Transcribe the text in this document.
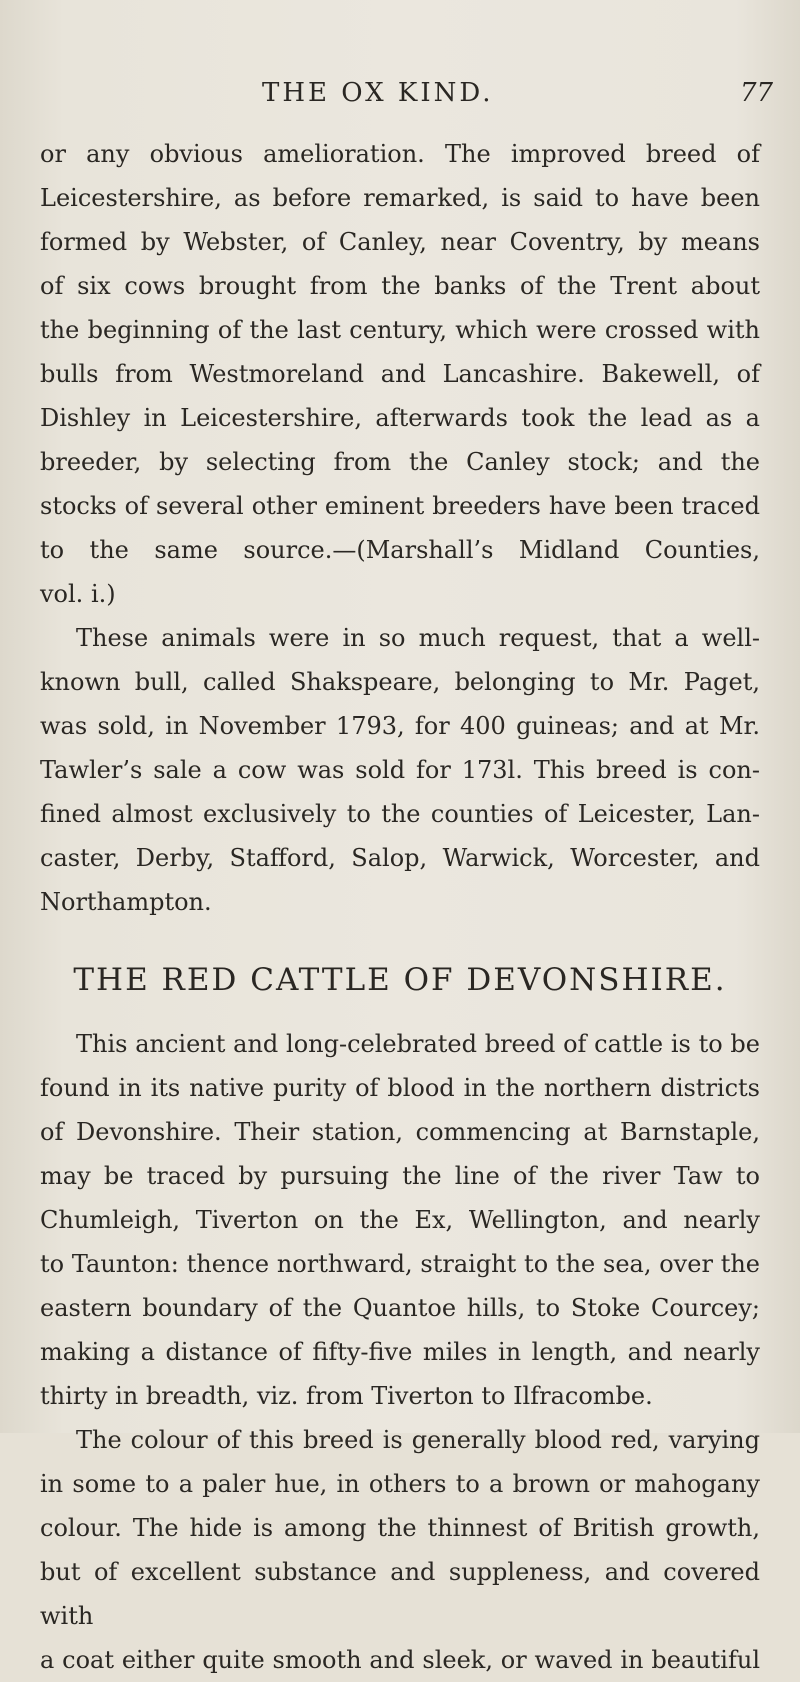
THE OX KIND.	77

or any obvious amelioration. The improved breed of
Leicestershire, as before remarked, is said to have been
formed by Webster, of Canley, near Coventry, by means
of six cows brought from the banks of the Trent about
the beginning of the last century, which were crossed with
bulls from Westmoreland and Lancashire. Bakewell, of
Dishley in Leicestershire, afterwards took the lead as a
breeder, by selecting from the Canley stock; and the
stocks of several other eminent breeders have been traced
to the same source.—(Marshall’s Midland Counties,
vol. i.)

These animals were in so much request, that a well-
known bull, called Shakspeare, belonging to Mr. Paget,
was sold, in November 1793, for 400 guineas; and at Mr.
Tawler’s sale a cow was sold for 173l. This breed is con-
fined almost exclusively to the counties of Leicester, Lan-
caster, Derby, Stafford, Salop, Warwick, Worcester, and
Northampton.

THE RED CATTLE OF DEVONSHIRE.

This ancient and long-celebrated breed of cattle is to be
found in its native purity of blood in the northern districts
of Devonshire. Their station, commencing at Barnstaple,
may be traced by pursuing the line of the river Taw to
Chumleigh, Tiverton on the Ex, Wellington, and nearly
to Taunton: thence northward, straight to the sea, over the
eastern boundary of the Quantoe hills, to Stoke Courcey;
making a distance of fifty-five miles in length, and nearly
thirty in breadth, viz. from Tiverton to Ilfracombe.

The colour of this breed is generally blood red, varying
in some to a paler hue, in others to a brown or mahogany
colour. The hide is among the thinnest of British growth,
but of excellent substance and suppleness, and covered with
a coat either quite smooth and sleek, or waved in beautiful
